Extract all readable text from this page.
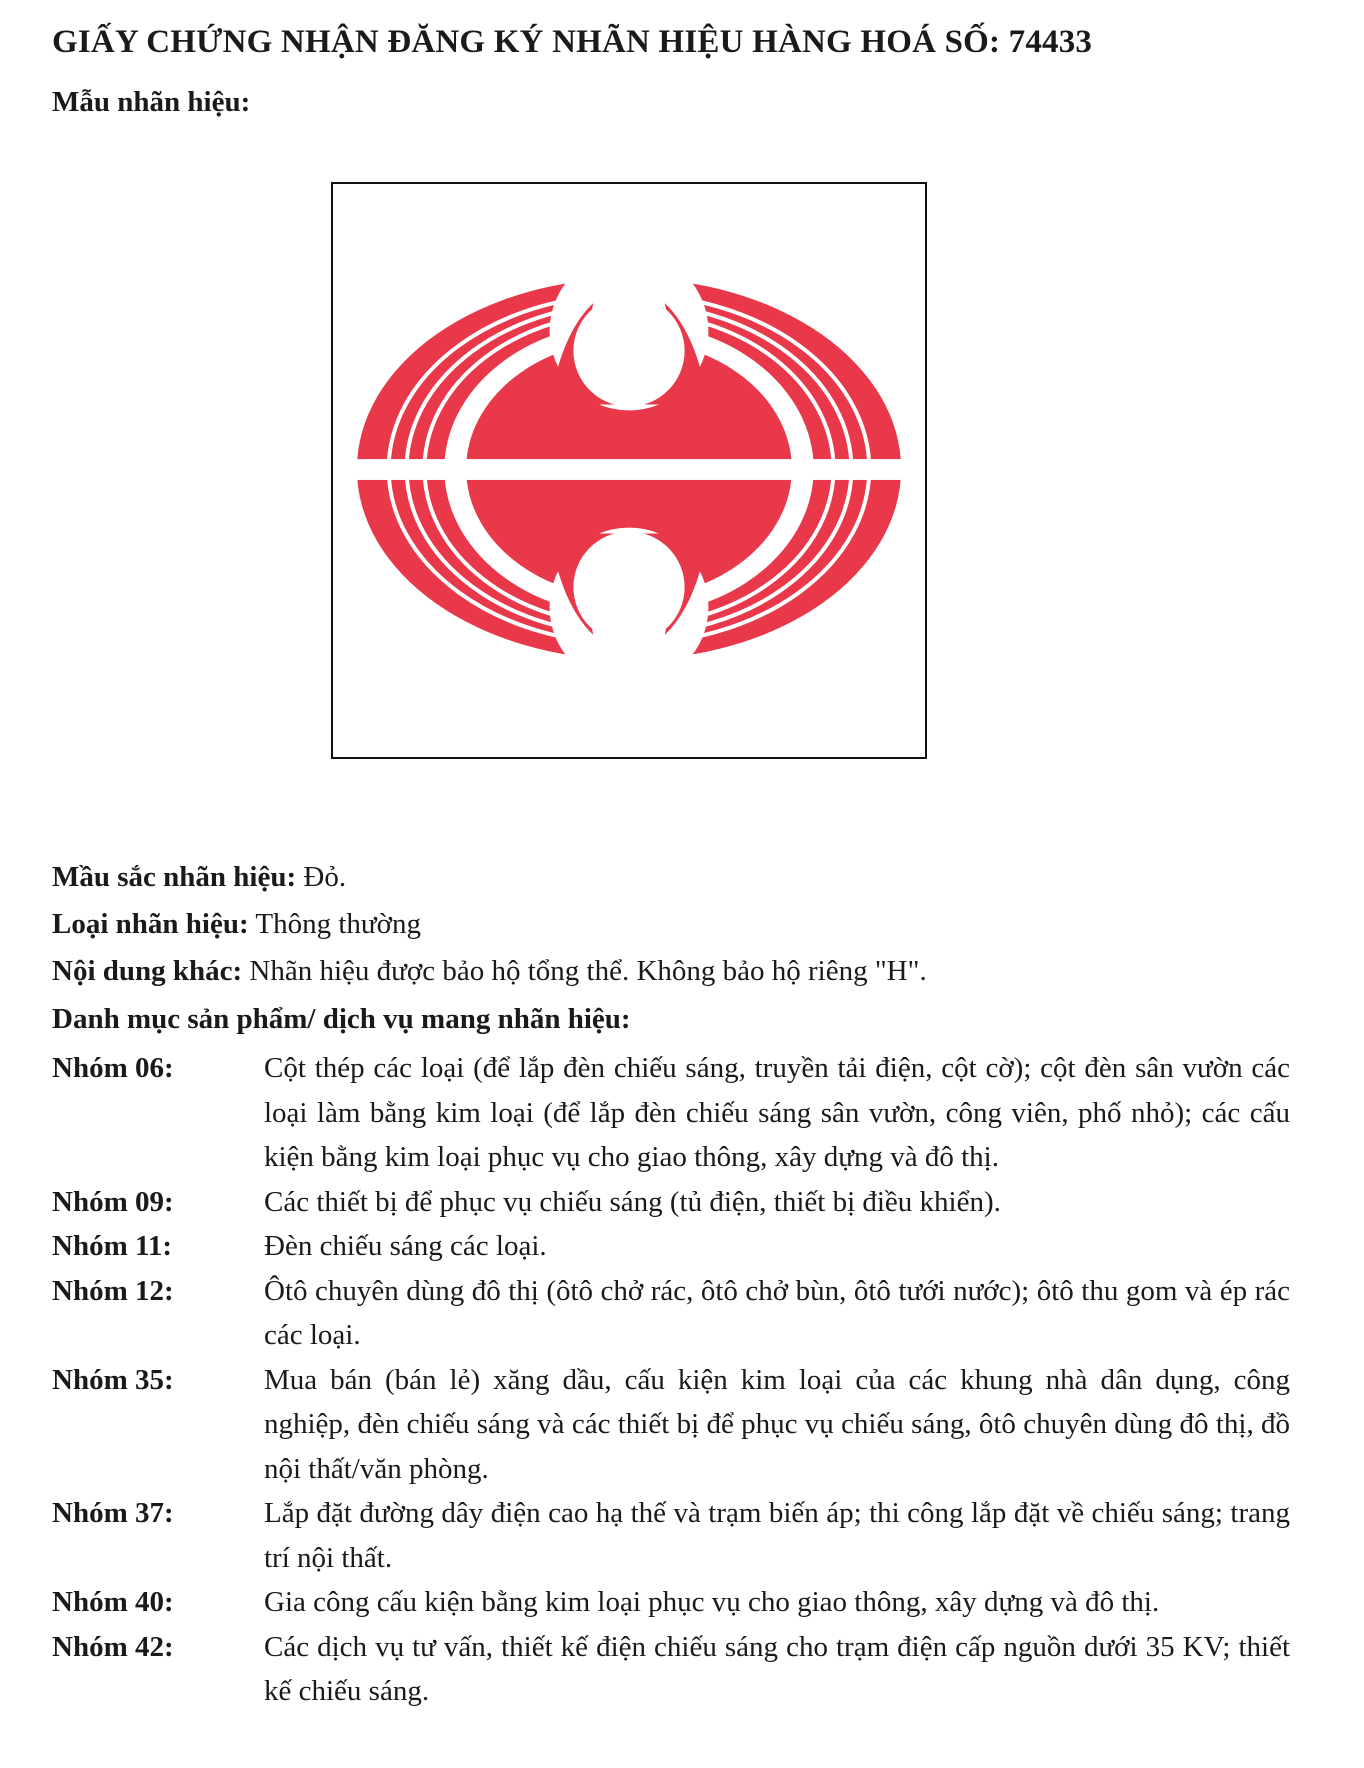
GIẤY CHỨNG NHẬN ĐĂNG KÝ NHÃN HIỆU HÀNG HOÁ SỐ: 74433
Mẫu nhãn hiệu:
Mầu sắc nhãn hiệu: Đỏ.
Loại nhãn hiệu: Thông thường
Nội dung khác: Nhãn hiệu được bảo hộ tổng thể. Không bảo hộ riêng "H".
Danh mục sản phẩm/ dịch vụ mang nhãn hiệu:
Nhóm 06:	Cột thép các loại (để lắp đèn chiếu sáng, truyền tải điện, cột cờ); cột đèn sân vườn các loại làm bằng kim loại (để lắp đèn chiếu sáng sân vườn, công viên, phố nhỏ); các cấu kiện bằng kim loại phục vụ cho giao thông, xây dựng và đô thị.
Nhóm 09:	Các thiết bị để phục vụ chiếu sáng (tủ điện, thiết bị điều khiển).
Nhóm 11:	Đèn chiếu sáng các loại.
Nhóm 12:	Ôtô chuyên dùng đô thị (ôtô chở rác, ôtô chở bùn, ôtô tưới nước); ôtô thu gom và ép rác các loại.
Nhóm 35:	Mua bán (bán lẻ) xăng dầu, cấu kiện kim loại của các khung nhà dân dụng, công nghiệp, đèn chiếu sáng và các thiết bị để phục vụ chiếu sáng, ôtô chuyên dùng đô thị, đồ nội thất/văn phòng.
Nhóm 37:	Lắp đặt đường dây điện cao hạ thế và trạm biến áp; thi công lắp đặt về chiếu sáng; trang trí nội thất.
Nhóm 40:	Gia công cấu kiện bằng kim loại phục vụ cho giao thông, xây dựng và đô thị.
Nhóm 42:	Các dịch vụ tư vấn, thiết kế điện chiếu sáng cho trạm điện cấp nguồn dưới 35 KV; thiết kế chiếu sáng.
